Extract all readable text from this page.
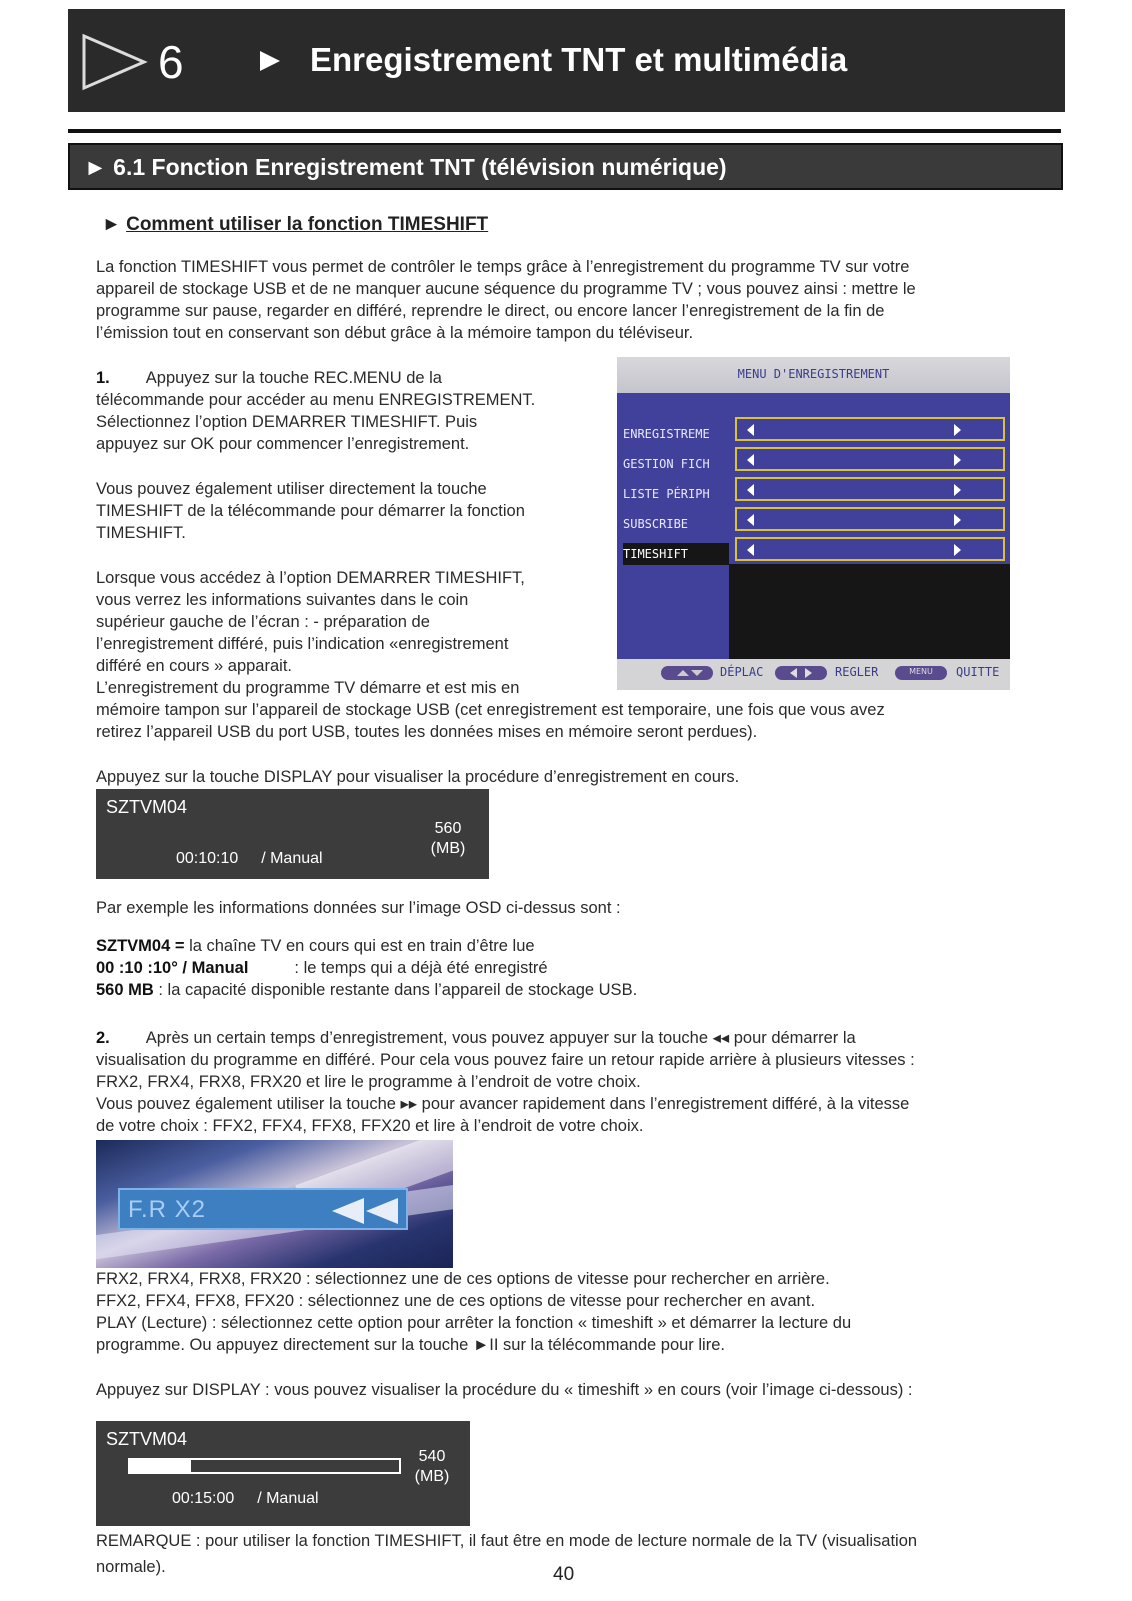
6	Enregistrement TNT et multimédia
► 6.1 Fonction Enregistrement TNT (télévision numérique)
► Comment utiliser la fonction TIMESHIFT
La fonction TIMESHIFT vous permet de contrôler le temps grâce à l’enregistrement du programme TV sur votre
appareil de stockage USB et de ne manquer aucune séquence du programme TV ; vous pouvez ainsi : mettre le
programme sur pause, regarder en différé, reprendre le direct, ou encore lancer l’enregistrement de la fin de
l’émission tout en conservant son début grâce à la mémoire tampon du téléviseur.
1. Appuyez sur la touche REC.MENU de la
télécommande pour accéder au menu ENREGISTREMENT.
Sélectionnez l’option DEMARRER TIMESHIFT. Puis
appuyez sur OK pour commencer l’enregistrement.
Vous pouvez également utiliser directement la touche
TIMESHIFT de la télécommande pour démarrer la fonction
TIMESHIFT.
Lorsque vous accédez à l’option DEMARRER TIMESHIFT,
vous verrez les informations suivantes dans le coin
supérieur gauche de l’écran : - préparation de
l’enregistrement différé, puis l’indication «enregistrement
différé en cours » apparait.
L’enregistrement du programme TV démarre et est mis en
mémoire tampon sur l’appareil de stockage USB (cet enregistrement est temporaire, une fois que vous avez
retirez l’appareil USB du port USB, toutes les données mises en mémoire seront perdues).
MENU D'ENREGISTREMENT
ENREGISTREME
GESTION FICH
LISTE PÉRIPH
SUBSCRIBE
TIMESHIFT
DÉPLAC	REGLER	MENU	QUITTE
Appuyez sur la touche DISPLAY pour visualiser la procédure d’enregistrement en cours.
SZTVM04
560
(MB)
00:10:10 / Manual
Par exemple les informations données sur l’image OSD ci-dessus sont :
SZTVM04 = la chaîne TV en cours qui est en train d’être lue
00 :10 :10° / Manual	: le temps qui a déjà été enregistré
560 MB : la capacité disponible restante dans l’appareil de stockage USB.
2. Après un certain temps d’enregistrement, vous pouvez appuyer sur la touche ◂◂ pour démarrer la
visualisation du programme en différé. Pour cela vous pouvez faire un retour rapide arrière à plusieurs vitesses :
FRX2, FRX4, FRX8, FRX20 et lire le programme à l’endroit de votre choix.
Vous pouvez également utiliser la touche ▸▸ pour avancer rapidement dans l’enregistrement différé, à la vitesse
de votre choix : FFX2, FFX4, FFX8, FFX20 et lire à l’endroit de votre choix.
F.R X2
FRX2, FRX4, FRX8, FRX20 : sélectionnez une de ces options de vitesse pour rechercher en arrière.
FFX2, FFX4, FFX8, FFX20 : sélectionnez une de ces options de vitesse pour rechercher en avant.
PLAY (Lecture) : sélectionnez cette option pour arrêter la fonction « timeshift » et démarrer la lecture du
programme. Ou appuyez directement sur la touche ►II sur la télécommande pour lire.
Appuyez sur DISPLAY : vous pouvez visualiser la procédure du « timeshift » en cours (voir l’image ci-dessous) :
SZTVM04
540
(MB)
00:15:00 / Manual
REMARQUE : pour utiliser la fonction TIMESHIFT, il faut être en mode de lecture normale de la TV (visualisation
normale).	40
